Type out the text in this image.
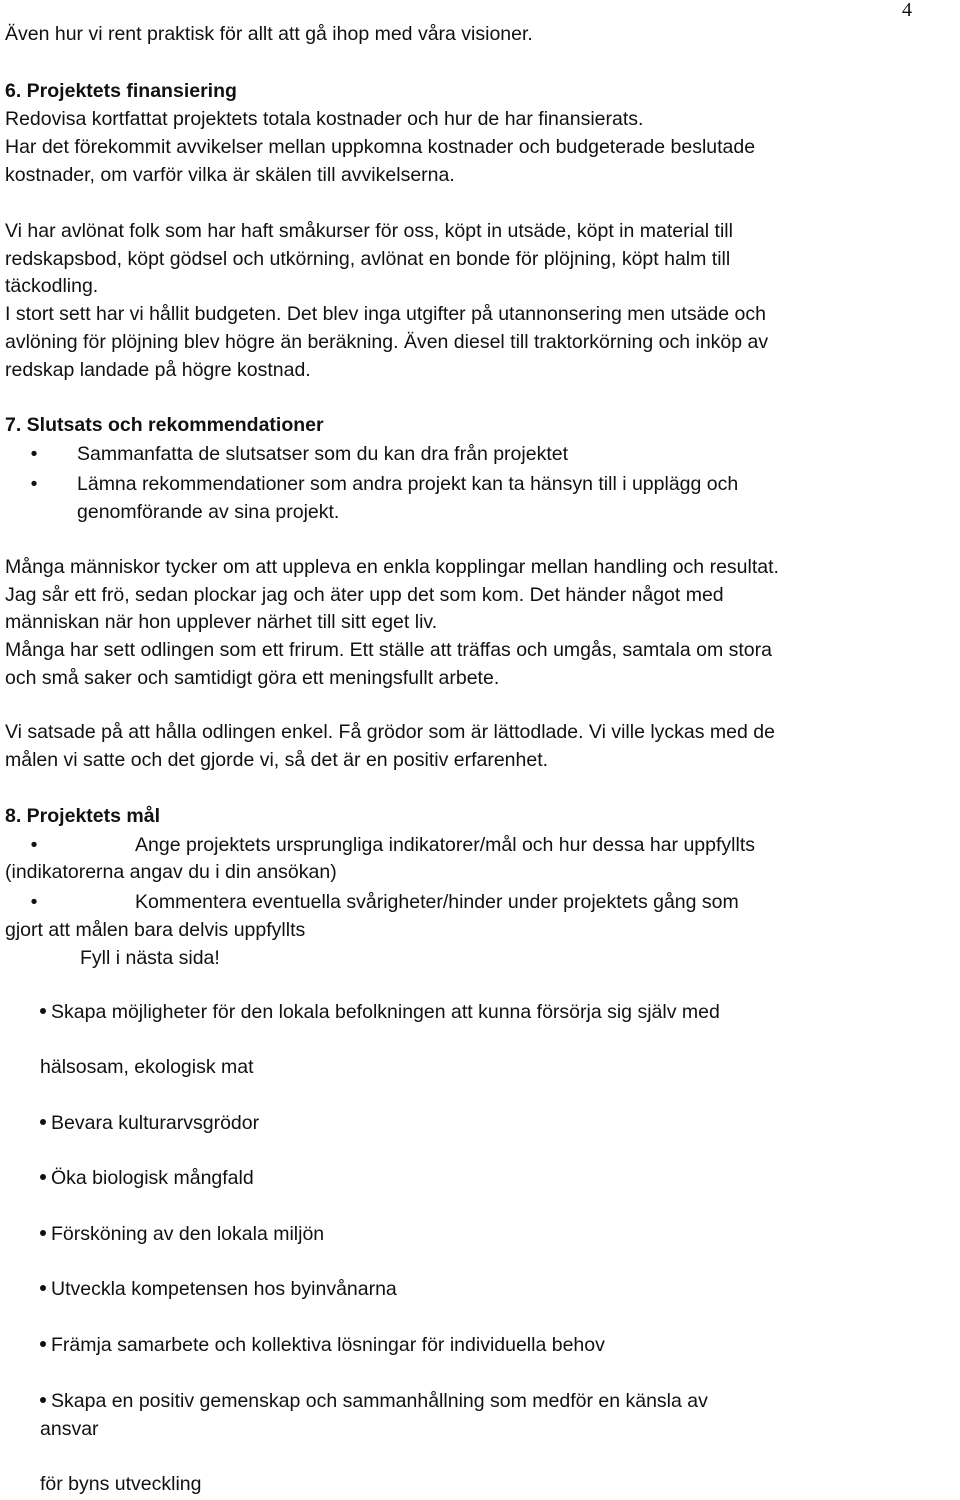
4
Även hur vi rent praktisk för allt att gå ihop med våra visioner.
6. Projektets finansiering
Redovisa kortfattat projektets totala kostnader och hur de har finansierats.
Har det förekommit avvikelser mellan uppkomna kostnader och budgeterade beslutade
kostnader, om varför vilka är skälen till avvikelserna.
Vi har avlönat folk som har haft småkurser för oss, köpt in utsäde, köpt in material till
redskapsbod, köpt gödsel och utkörning, avlönat en bonde för plöjning, köpt halm till
täckodling.
I stort sett har vi hållit budgeten. Det blev inga utgifter på utannonsering men utsäde och
avlöning för plöjning blev högre än beräkning. Även diesel till traktorkörning och inköp av
redskap landade på högre kostnad.
7. Slutsats och rekommendationer
• Sammanfatta de slutsatser som du kan dra från projektet
• Lämna rekommendationer som andra projekt kan ta hänsyn till i upplägg och
genomförande av sina projekt.
Många människor tycker om att uppleva en enkla kopplingar mellan handling och resultat.
Jag sår ett frö, sedan plockar jag och äter upp det som kom. Det händer något med
människan när hon upplever närhet till sitt eget liv.
Många har sett odlingen som ett frirum. Ett ställe att träffas och umgås, samtala om stora
och små saker och samtidigt göra ett meningsfullt arbete.
Vi satsade på att hålla odlingen enkel. Få grödor som är lättodlade. Vi ville lyckas med de
målen vi satte och det gjorde vi, så det är en positiv erfarenhet.
8. Projektets mål
•	Ange projektets ursprungliga indikatorer/mål och hur dessa har uppfyllts
(indikatorerna angav du i din ansökan)
•	Kommentera eventuella svårigheter/hinder under projektets gång som
gjort att målen bara delvis uppfyllts
Fyll i nästa sida!
Skapa möjligheter för den lokala befolkningen att kunna försörja sig själv med
hälsosam, ekologisk mat
Bevara kulturarvsgrödor
Öka biologisk mångfald
Försköning av den lokala miljön
Utveckla kompetensen hos byinvånarna
Främja samarbete och kollektiva lösningar för individuella behov
Skapa en positiv gemenskap och sammanhållning som medför en känsla av
ansvar
för byns utveckling
